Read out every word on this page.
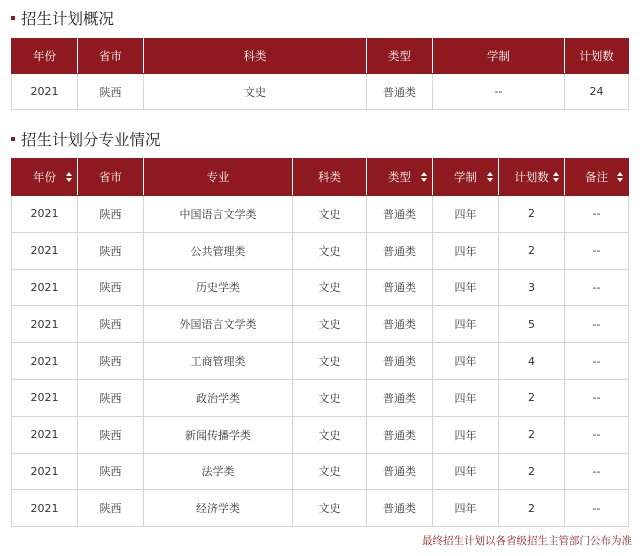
招生计划概况
年份	省市	科类	类型	学制	计划数
2021	陕西	文史	普通类	--	24
招生计划分专业情况
年份	省市	专业	科类	类型	学制	计划数	备注

2021	陕西	中国语言文学类	文史	普通类	四年	2	--
2021	陕西	公共管理类	文史	普通类	四年	2	--
2021	陕西	历史学类	文史	普通类	四年	3	--
2021	陕西	外国语言文学类	文史	普通类	四年	5	--
2021	陕西	工商管理类	文史	普通类	四年	4	--
2021	陕西	政治学类	文史	普通类	四年	2	--
2021	陕西	新闻传播学类	文史	普通类	四年	2	--
2021	陕西	法学类	文史	普通类	四年	2	--
2021	陕西	经济学类	文史	普通类	四年	2	--
最终招生计划以各省级招生主管部门公布为准
